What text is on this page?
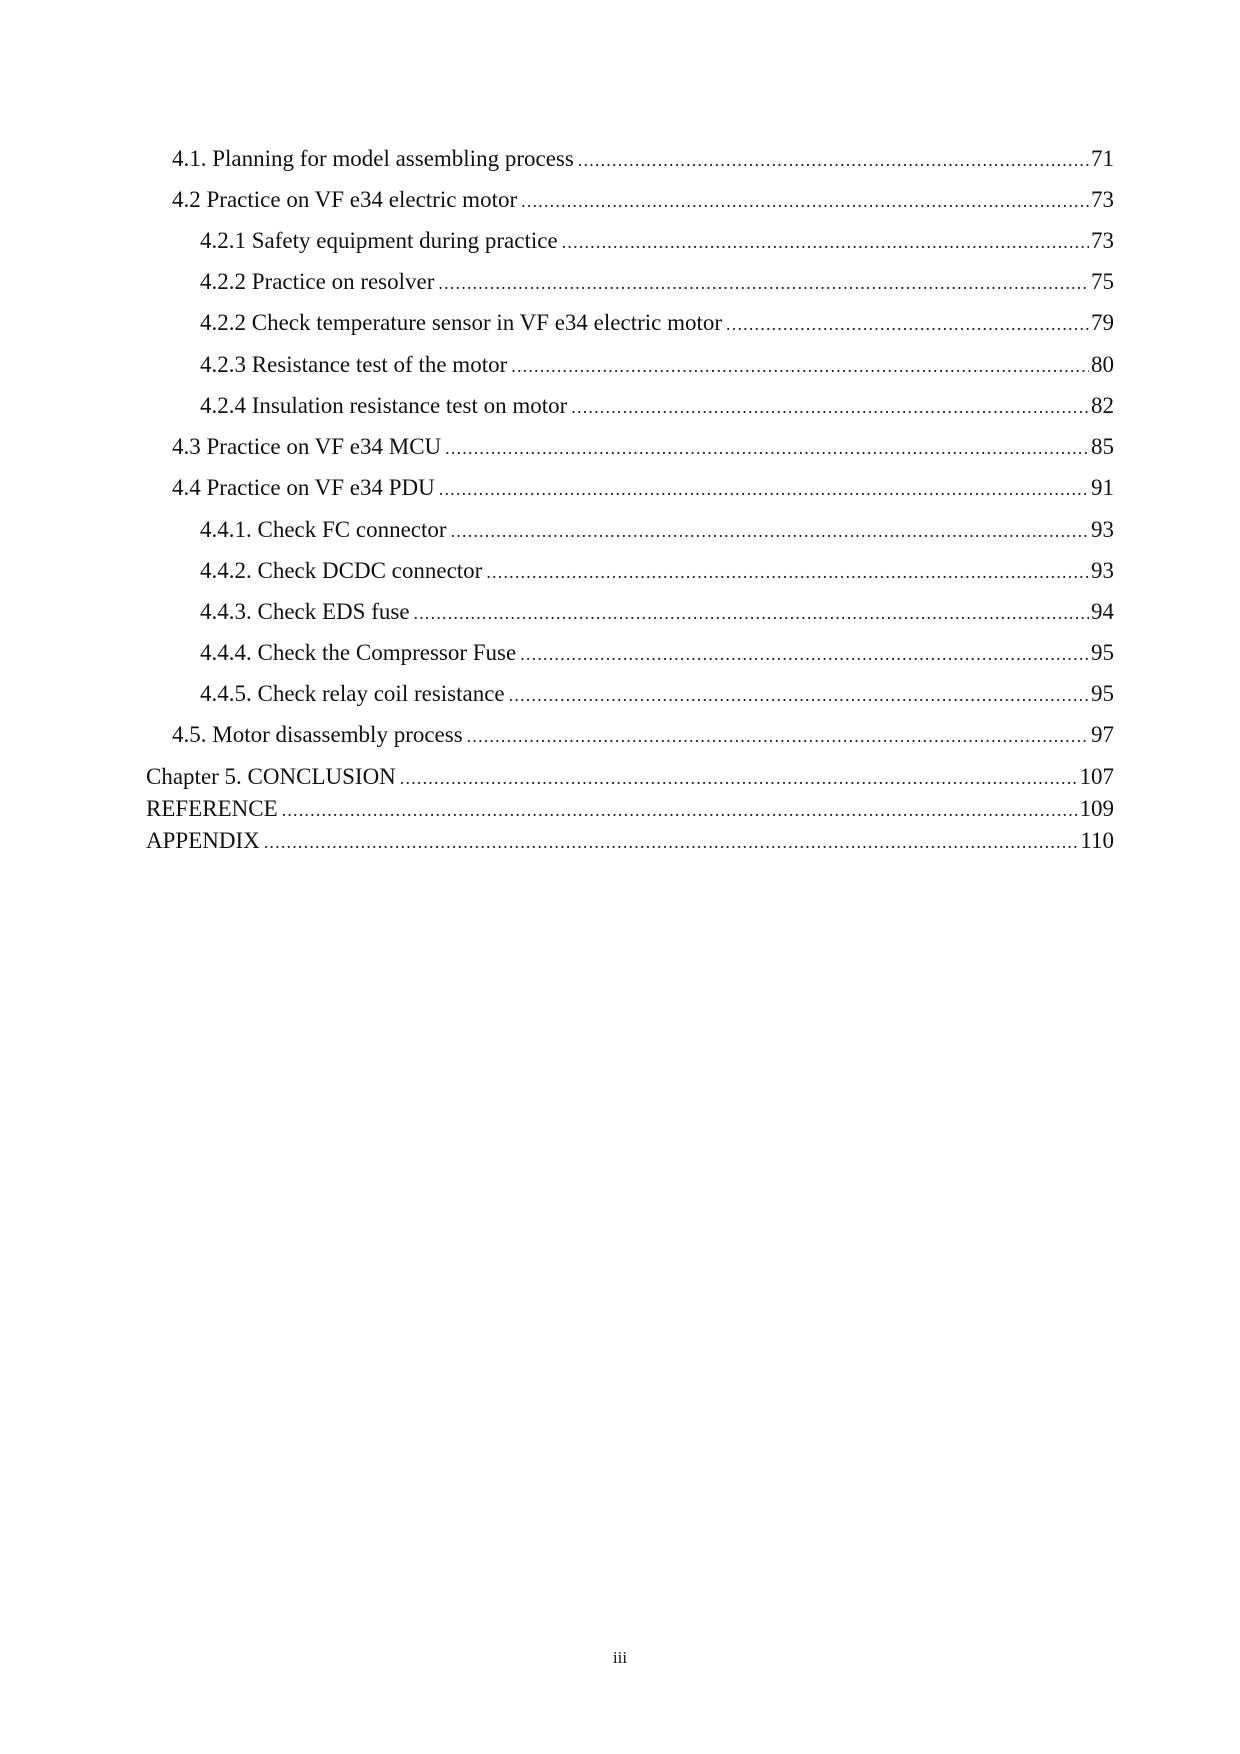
4.1. Planning for model assembling process .....	71
4.2 Practice on VF e34 electric motor .....	73
4.2.1 Safety equipment during practice .....	73
4.2.2 Practice on resolver .....	75
4.2.2 Check temperature sensor in VF e34 electric motor .....	79
4.2.3 Resistance test of the motor .....	80
4.2.4 Insulation resistance test on motor .....	82
4.3 Practice on VF e34 MCU .....	85
4.4 Practice on VF e34 PDU .....	91
4.4.1. Check FC connector .....	93
4.4.2. Check DCDC connector .....	93
4.4.3. Check EDS fuse .....	94
4.4.4. Check the Compressor Fuse .....	95
4.4.5. Check relay coil resistance .....	95
4.5. Motor disassembly process .....	97
Chapter 5. CONCLUSION .....	107
REFERENCE .....	109
APPENDIX .....	110
iii
